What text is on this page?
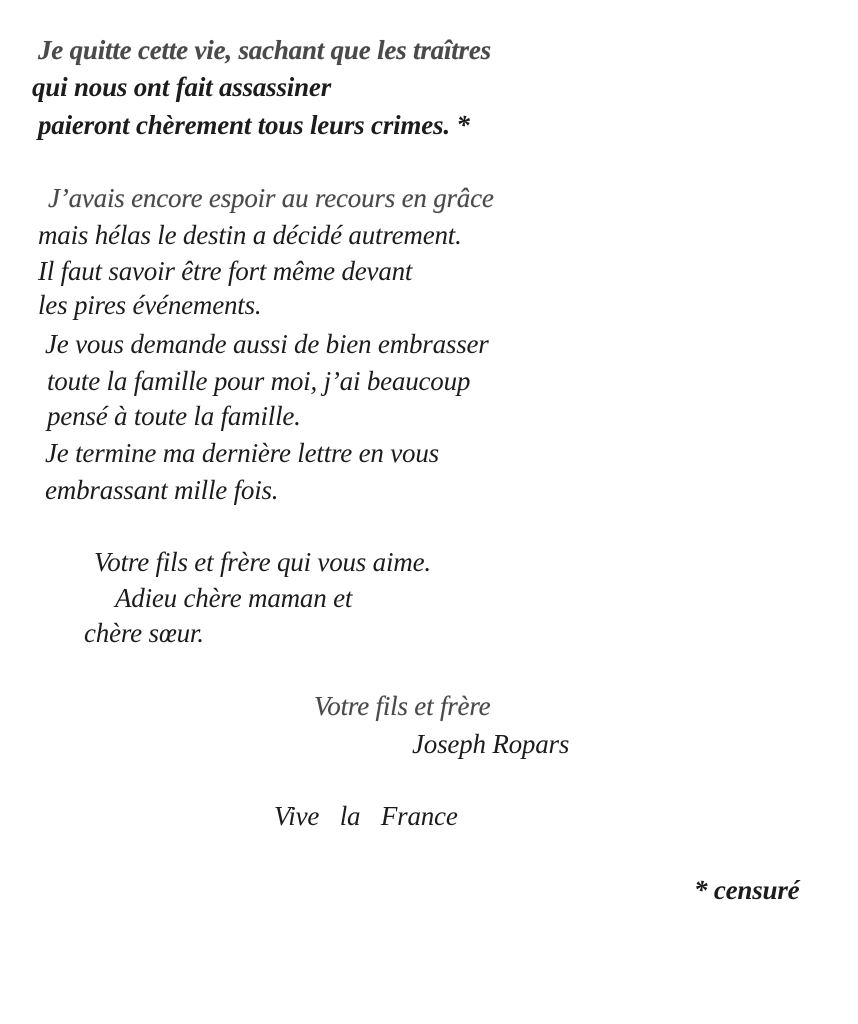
Je quitte cette vie, sachant que les traîtres
qui nous ont fait assassiner
paieront chèrement tous leurs crimes. *
J’avais encore espoir au recours en grâce
mais hélas le destin a décidé autrement.
Il faut savoir être fort même devant
les pires événements.
Je vous demande aussi de bien embrasser
toute la famille pour moi, j’ai beaucoup
pensé à toute la famille.
Je termine ma dernière lettre en vous
embrassant mille fois.
Votre fils et frère qui vous aime.
Adieu chère maman et
chère sœur.
Votre fils et frère
Joseph Ropars
Vive la France
* censuré
